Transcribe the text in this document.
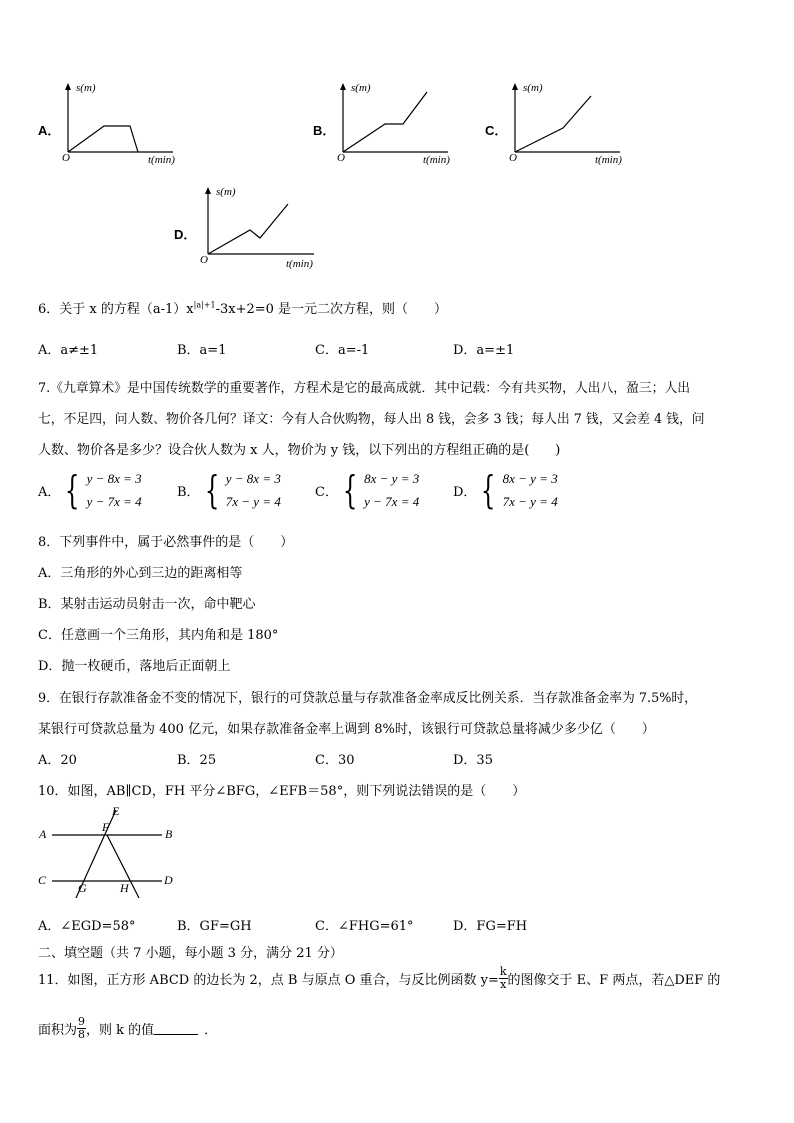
A．
s(m)
O	t(min)
B．
s(m)
O	t(min)
C．
s(m)
O	t(min)
D．
s(m)
O	t(min)
6．关于 x 的方程$(a-1)x^{|a|+1}-3x+2=0$ 是一元二次方程，则（　　）
A．a≠±1	B．a=1	C．a=-1	D．a=±1
7.《九章算术》是中国传统数学的重要著作，方程术是它的最高成就．其中记载：今有共买物，人出八，盈三；人出
七，不足四，问人数、物价各几何？译文：今有人合伙购物，每人出 8 钱，会多 3 钱；每人出 7 钱，又会差 4 钱，问
人数、物价各是多少？设合伙人数为 x 人，物价为 y 钱，以下列出的方程组正确的是(　　)
A． { y − 8x = 3
y − 7x = 4
B． { y − 8x = 3
7x − y = 4
C． { 8x − y = 3
y − 7x = 4
D． { 8x − y = 3
7x − y = 4
8．下列事件中，属于必然事件的是（　　）
A．三角形的外心到三边的距离相等
B．某射击运动员射击一次，命中靶心
C．任意画一个三角形，其内角和是 180°
D．抛一枚硬币，落地后正面朝上
9．在银行存款准备金不变的情况下，银行的可贷款总量与存款准备金率成反比例关系．当存款准备金率为 7.5%时，
某银行可贷款总量为 400 亿元，如果存款准备金率上调到 8%时，该银行可贷款总量将减少多少亿（　　）
A．20	B．25	C．30	D．35
10．如图，AB∥CD，FH 平分∠BFG，∠EFB＝58°，则下列说法错误的是（　　）
A	B
C	D
E
F
G	H
A．∠EGD=58°	B．GF=GH	C．∠FHG=61°	D．FG=FH
二、填空题（共 7 小题，每小题 3 分，满分 21 分）
11．如图，正方形 ABCD 的边长为 2，点 B 与原点 O 重合，与反比例函数 $y= \frac{k}{x}$ 的图像交于 E、F 两点，若△DEF 的
面积为 $\frac{9}{8}$ ，则 k 的值	．
